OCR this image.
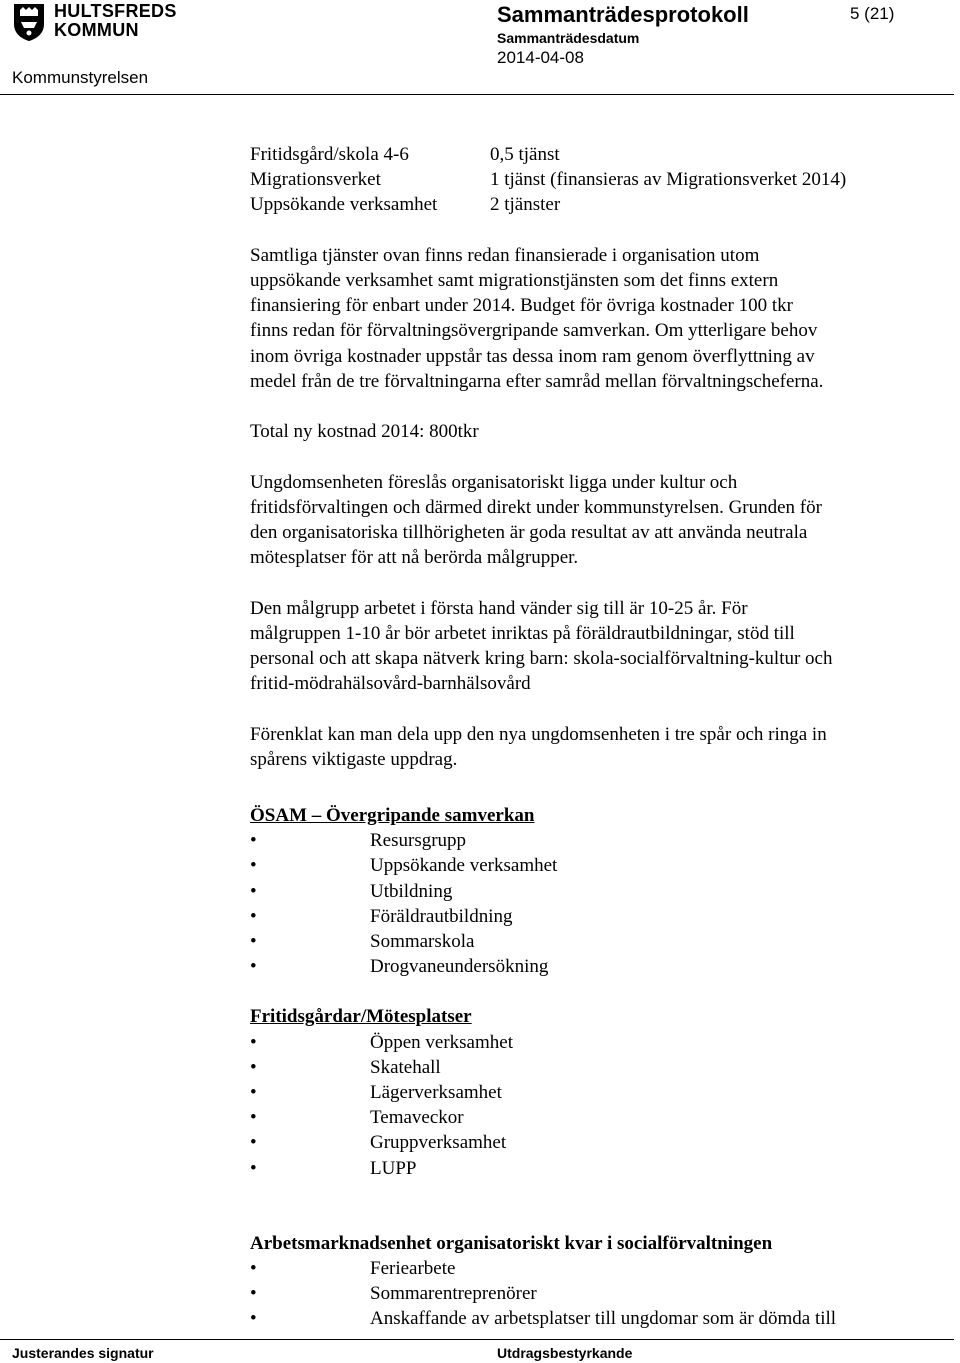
HULTSFREDS
KOMMUN
Kommunstyrelsen
Sammanträdesprotokoll
Sammanträdesdatum
2014-04-08
5 (21)
Fritidsgård/skola 4-6	0,5 tjänst
Migrationsverket	1 tjänst (finansieras av Migrationsverket 2014)
Uppsökande verksamhet	2 tjänster
Samtliga tjänster ovan finns redan finansierade i organisation utom
uppsökande verksamhet samt migrationstjänsten som det finns extern
finansiering för enbart under 2014. Budget för övriga kostnader 100 tkr
finns redan för förvaltningsövergripande samverkan. Om ytterligare behov
inom övriga kostnader uppstår tas dessa inom ram genom överflyttning av
medel från de tre förvaltningarna efter samråd mellan förvaltningscheferna.

Total ny kostnad 2014: 800tkr

Ungdomsenheten föreslås organisatoriskt ligga under kultur och
fritidsförvaltingen och därmed direkt under kommunstyrelsen. Grunden för
den organisatoriska tillhörigheten är goda resultat av att använda neutrala
mötesplatser för att nå berörda målgrupper.
Den målgrupp arbetet i första hand vänder sig till är 10-25 år. För
målgruppen 1-10 år bör arbetet inriktas på föräldrautbildningar, stöd till
personal och att skapa nätverk kring barn: skola-socialförvaltning-kultur och
fritid-mödrahälsovård-barnhälsovård
Förenklat kan man dela upp den nya ungdomsenheten i tre spår och ringa in
spårens viktigaste uppdrag.
ÖSAM – Övergripande samverkan
• Resursgrupp
• Uppsökande verksamhet
• Utbildning
• Föräldrautbildning
• Sommarskola
• Drogvaneundersökning
Fritidsgårdar/Mötesplatser
• Öppen verksamhet
• Skatehall
• Lägerverksamhet
• Temaveckor
• Gruppverksamhet
• LUPP
Arbetsmarknadsenhet organisatoriskt kvar i socialförvaltningen
• Feriearbete
• Sommarentreprenörer
• Anskaffande av arbetsplatser till ungdomar som är dömda till
Justerandes signatur	Utdragsbestyrkande
